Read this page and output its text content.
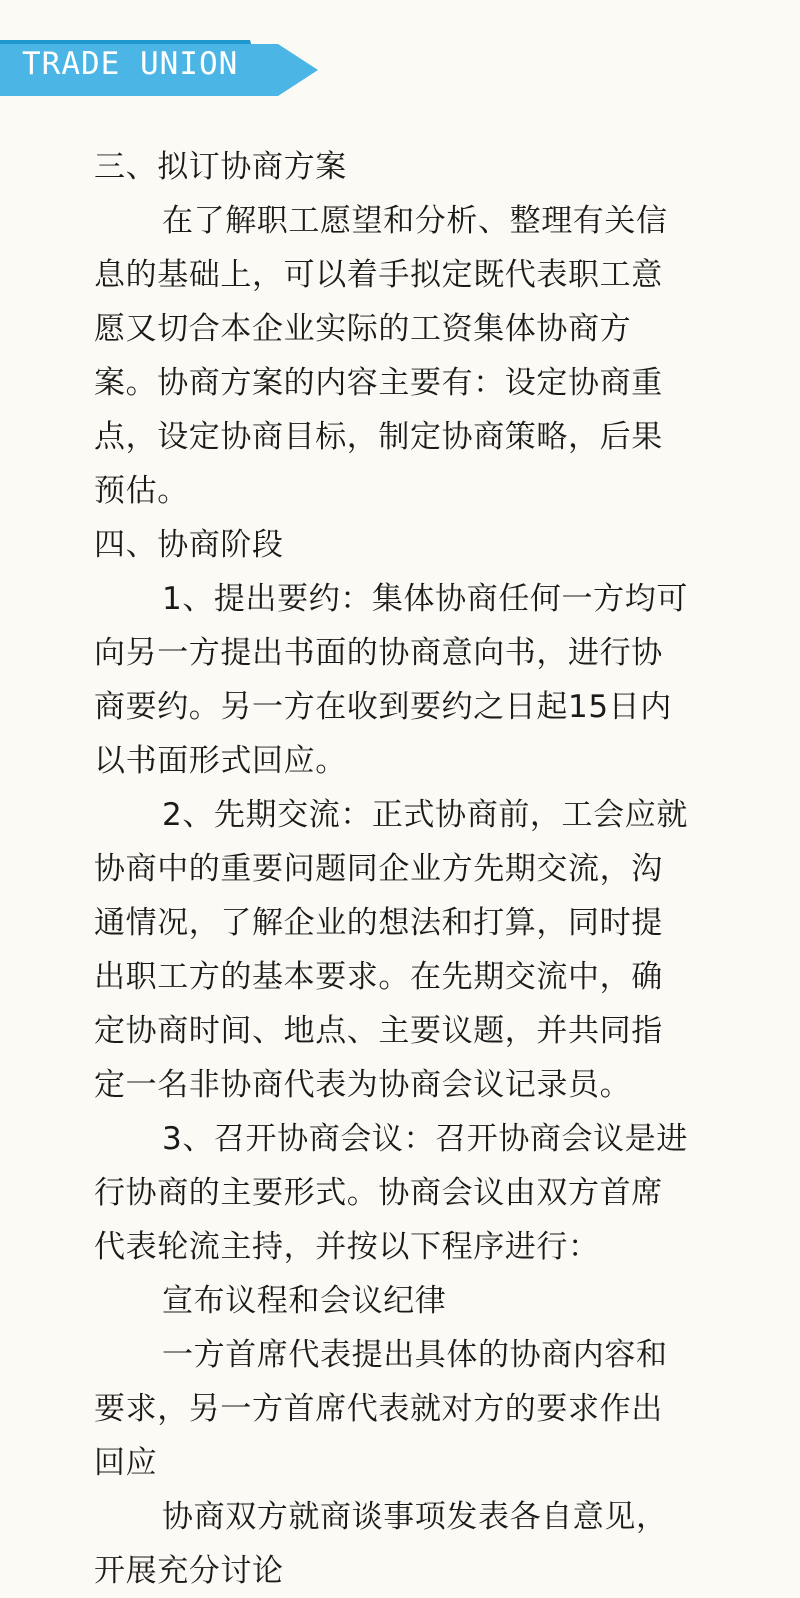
TRADE UNION

三、拟订协商方案

在了解职工愿望和分析、整理有关信息的基础上，可以着手拟定既代表职工意愿又切合本企业实际的工资集体协商方案。协商方案的内容主要有：设定协商重点，设定协商目标，制定协商策略，后果预估。

四、协商阶段

1、提出要约：集体协商任何一方均可向另一方提出书面的协商意向书，进行协商要约。另一方在收到要约之日起15日内以书面形式回应。

2、先期交流：正式协商前，工会应就协商中的重要问题同企业方先期交流，沟通情况，了解企业的想法和打算，同时提出职工方的基本要求。在先期交流中，确定协商时间、地点、主要议题，并共同指定一名非协商代表为协商会议记录员。

3、召开协商会议：召开协商会议是进行协商的主要形式。协商会议由双方首席代表轮流主持，并按以下程序进行：

宣布议程和会议纪律

一方首席代表提出具体的协商内容和要求，另一方首席代表就对方的要求作出回应

协商双方就商谈事项发表各自意见，开展充分讨论
